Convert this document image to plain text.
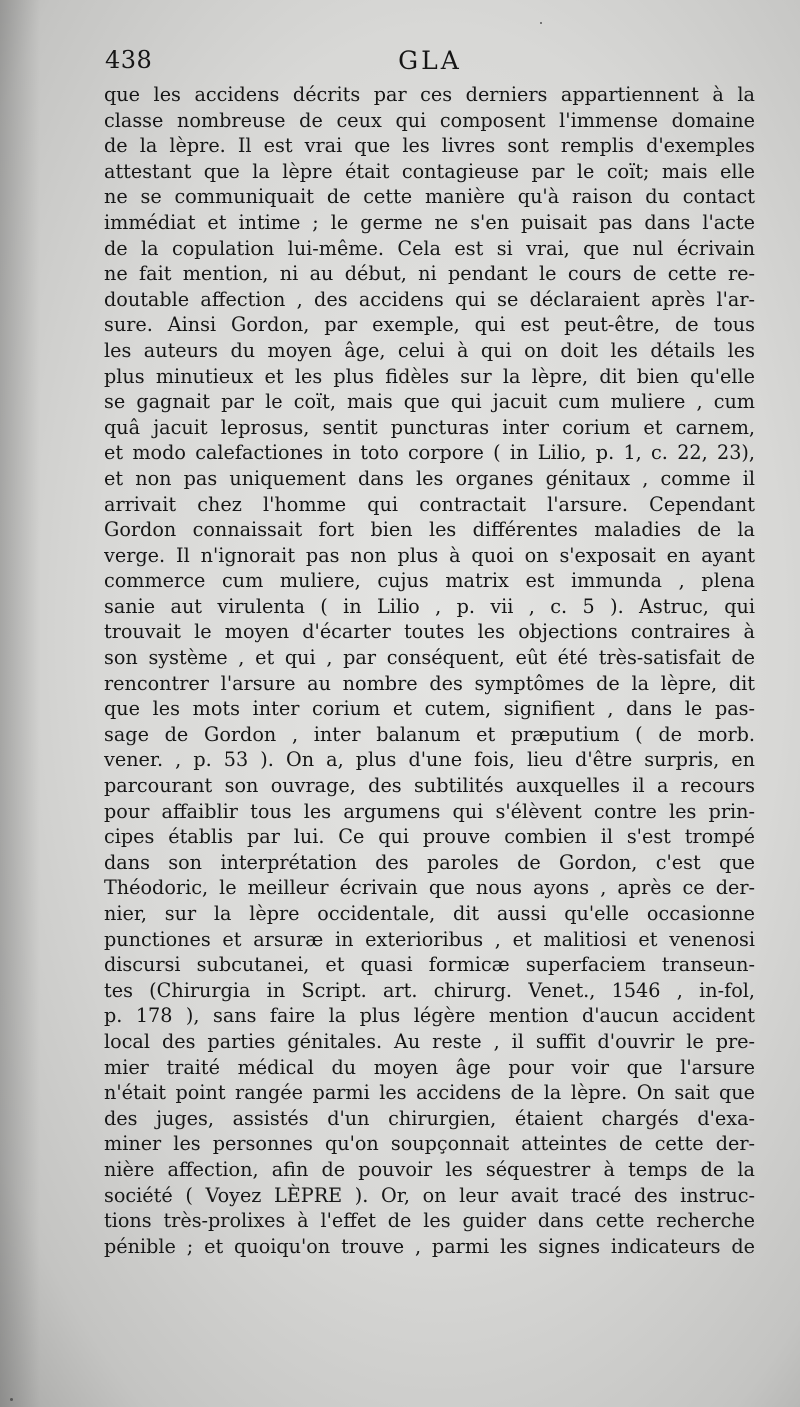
438	GLA
que les accidens décrits par ces derniers appartiennent à la
classe nombreuse de ceux qui composent l'immense domaine
de la lèpre. Il est vrai que les livres sont remplis d'exemples
attestant que la lèpre était contagieuse par le coït; mais elle
ne se communiquait de cette manière qu'à raison du contact
immédiat et intime ; le germe ne s'en puisait pas dans l'acte
de la copulation lui-même. Cela est si vrai, que nul écrivain
ne fait mention, ni au début, ni pendant le cours de cette re-
doutable affection , des accidens qui se déclaraient après l'ar-
sure. Ainsi Gordon, par exemple, qui est peut-être, de tous
les auteurs du moyen âge, celui à qui on doit les détails les
plus minutieux et les plus fidèles sur la lèpre, dit bien qu'elle
se gagnait par le coït, mais que qui jacuit cum muliere , cum
quâ jacuit leprosus, sentit puncturas inter corium et carnem,
et modo calefactiones in toto corpore ( in Lilio, p. 1, c. 22, 23),
et non pas uniquement dans les organes génitaux , comme il
arrivait chez l'homme qui contractait l'arsure. Cependant
Gordon connaissait fort bien les différentes maladies de la
verge. Il n'ignorait pas non plus à quoi on s'exposait en ayant
commerce cum muliere, cujus matrix est immunda , plena
sanie aut virulenta ( in Lilio , p. vii , c. 5 ). Astruc, qui
trouvait le moyen d'écarter toutes les objections contraires à
son système , et qui , par conséquent, eût été très-satisfait de
rencontrer l'arsure au nombre des symptômes de la lèpre, dit
que les mots inter corium et cutem, signifient , dans le pas-
sage de Gordon , inter balanum et præputium ( de morb.
vener. , p. 53 ). On a, plus d'une fois, lieu d'être surpris, en
parcourant son ouvrage, des subtilités auxquelles il a recours
pour affaiblir tous les argumens qui s'élèvent contre les prin-
cipes établis par lui. Ce qui prouve combien il s'est trompé
dans son interprétation des paroles de Gordon, c'est que
Théodoric, le meilleur écrivain que nous ayons , après ce der-
nier, sur la lèpre occidentale, dit aussi qu'elle occasionne
punctiones et arsuræ in exterioribus , et malitiosi et venenosi
discursi subcutanei, et quasi formicæ superfaciem transeun-
tes (Chirurgia in Script. art. chirurg. Venet., 1546 , in-fol,
p. 178 ), sans faire la plus légère mention d'aucun accident
local des parties génitales. Au reste , il suffit d'ouvrir le pre-
mier traité médical du moyen âge pour voir que l'arsure
n'était point rangée parmi les accidens de la lèpre. On sait que
des juges, assistés d'un chirurgien, étaient chargés d'exa-
miner les personnes qu'on soupçonnait atteintes de cette der-
nière affection, afin de pouvoir les séquestrer à temps de la
société ( Voyez LÈPRE ). Or, on leur avait tracé des instruc-
tions très-prolixes à l'effet de les guider dans cette recherche
pénible ; et quoiqu'on trouve , parmi les signes indicateurs de
